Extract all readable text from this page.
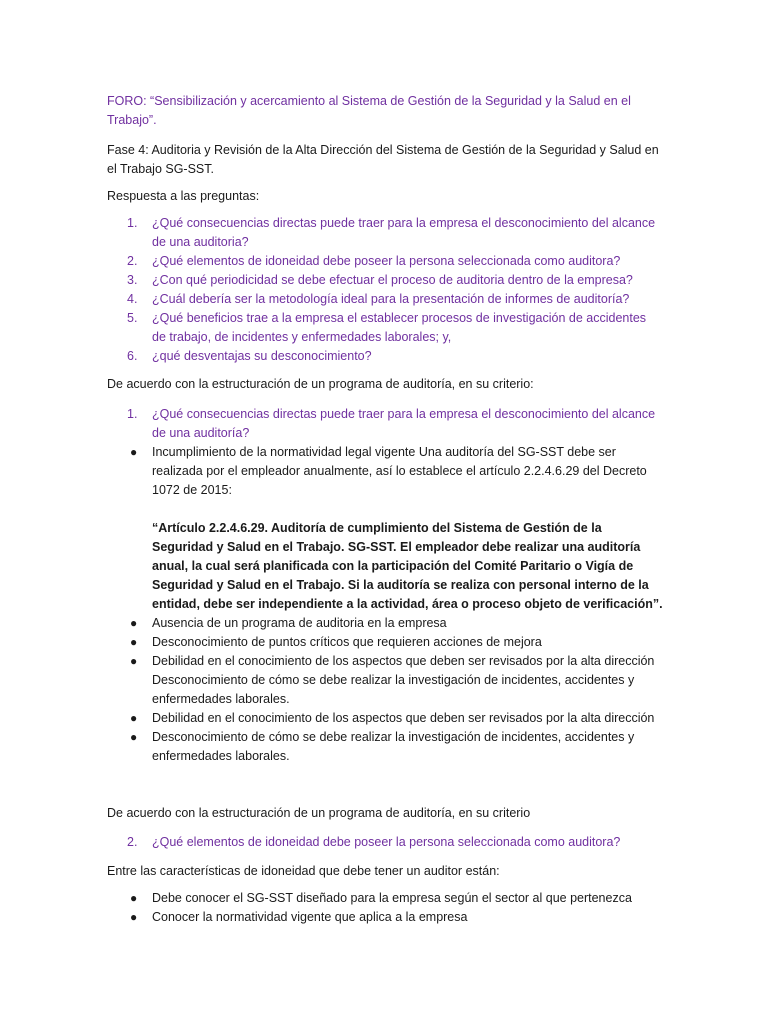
FORO: “Sensibilización y acercamiento al Sistema de Gestión de la Seguridad y la Salud en el Trabajo”.

Fase 4: Auditoria y Revisión de la Alta Dirección del Sistema de Gestión de la Seguridad y Salud en el Trabajo SG-SST.

Respuesta a las preguntas:

1. ¿Qué consecuencias directas puede traer para la empresa el desconocimiento del alcance de una auditoria?
2. ¿Qué elementos de idoneidad debe poseer la persona seleccionada como auditora?
3. ¿Con qué periodicidad se debe efectuar el proceso de auditoria dentro de la empresa?
4. ¿Cuál debería ser la metodología ideal para la presentación de informes de auditoría?
5. ¿Qué beneficios trae a la empresa el establecer procesos de investigación de accidentes de trabajo, de incidentes y enfermedades laborales; y,
6. ¿qué desventajas su desconocimiento?

De acuerdo con la estructuración de un programa de auditoría, en su criterio:

1. ¿Qué consecuencias directas puede traer para la empresa el desconocimiento del alcance de una auditoría?
● Incumplimiento de la normatividad legal vigente Una auditoría del SG-SST debe ser realizada por el empleador anualmente, así lo establece el artículo 2.2.4.6.29 del Decreto 1072 de 2015:
“Artículo 2.2.4.6.29. Auditoría de cumplimiento del Sistema de Gestión de la Seguridad y Salud en el Trabajo. SG-SST. El empleador debe realizar una auditoría anual, la cual será planificada con la participación del Comité Paritario o Vigía de Seguridad y Salud en el Trabajo. Si la auditoría se realiza con personal interno de la entidad, debe ser independiente a la actividad, área o proceso objeto de verificación”.
● Ausencia de un programa de auditoria en la empresa
● Desconocimiento de puntos críticos que requieren acciones de mejora
● Debilidad en el conocimiento de los aspectos que deben ser revisados por la alta dirección Desconocimiento de cómo se debe realizar la investigación de incidentes, accidentes y enfermedades laborales.
● Debilidad en el conocimiento de los aspectos que deben ser revisados por la alta dirección
● Desconocimiento de cómo se debe realizar la investigación de incidentes, accidentes y enfermedades laborales.

De acuerdo con la estructuración de un programa de auditoría, en su criterio

2. ¿Qué elementos de idoneidad debe poseer la persona seleccionada como auditora?

Entre las características de idoneidad que debe tener un auditor están:

● Debe conocer el SG-SST diseñado para la empresa según el sector al que pertenezca
● Conocer la normatividad vigente que aplica a la empresa
